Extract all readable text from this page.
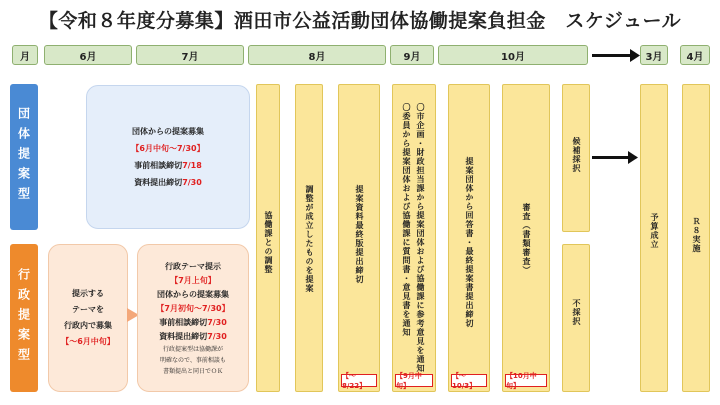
【令和８年度分募集】酒田市公益活動団体協働提案負担金　スケジュール
月	6月	7月	8月	9月	10月	3月	4月
団体提案型
行政提案型
団体からの提案募集
【6月中旬～7/30】
事前相談締切7/18
資料提出締切7/30
提示する
テーマを
行政内で募集
【～6月中旬】
行政テーマ提示
【7月上旬】
団体からの提案募集
【7月初旬～7/30】
事前相談締切7/30
資料提出締切7/30
行政提案型は協働課が
明確なので、事前相談も
書類提出と同日でＯＫ
協働課との調整	調整が成立したものを提案	提案資料最終版提出締切
【～8/22】
〇市企画・財政担当課から提案団体および協働課に参考意見を通知
〇委員から提案団体および協働課に質問書・意見書を通知
【9月中旬】
提案団体から回答書・最終提案書提出締切
【～10/3】
審査（書類審査）
【10月中旬】
候補採択
不採択
予算成立	Ｒ８実施
